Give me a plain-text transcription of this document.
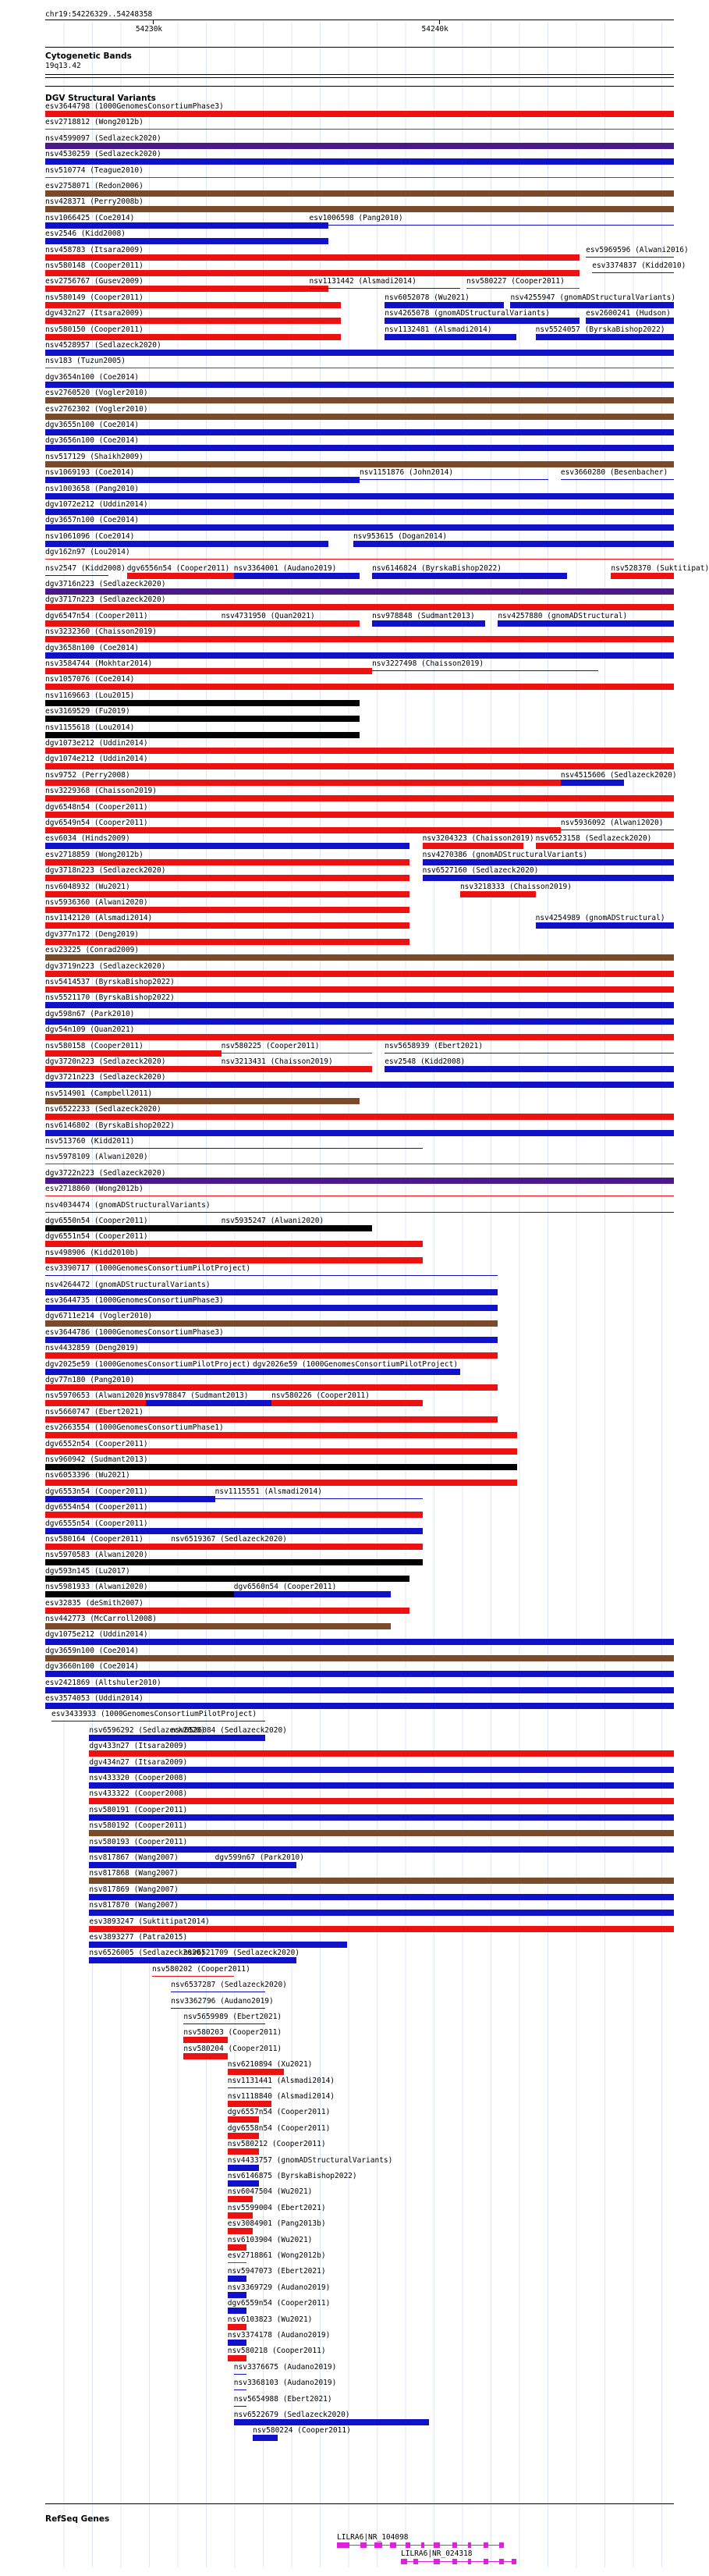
chr19:54226329..54248358
54230k	54240k
Cytogenetic Bands
19q13.42
DGV Structural Variants
esv3644798 (1000GenomesConsortiumPhase3)
esv2718812 (Wong2012b)
nsv4599097 (Sedlazeck2020)
nsv4530259 (Sedlazeck2020)
nsv510774 (Teague2010)
esv2758071 (Redon2006)
nsv428371 (Perry2008b)
nsv1066425 (Coe2014)	esv1006598 (Pang2010)
esv2546 (Kidd2008)
nsv458783 (Itsara2009)	esv5969596 (Alwani2016)
nsv580148 (Cooper2011)	esv3374837 (Kidd2010)
esv2756767 (Gusev2009)	nsv1131442 (Alsmadi2014)	nsv580227 (Cooper2011)
nsv580149 (Cooper2011)	nsv6052078 (Wu2021)	nsv4255947 (gnomADStructuralVariants)
dgv432n27 (Itsara2009)	nsv4265078 (gnomADStructuralVariants)	esv2600241 (Hudson)
nsv580150 (Cooper2011)	nsv1132481 (Alsmadi2014)	nsv5524057 (ByrskaBishop2022)
nsv4528957 (Sedlazeck2020)
nsv183 (Tuzun2005)
dgv3654n100 (Coe2014)
esv2760520 (Vogler2010)
esv2762302 (Vogler2010)
dgv3655n100 (Coe2014)
dgv3656n100 (Coe2014)
nsv517129 (Shaikh2009)
nsv1069193 (Coe2014)	nsv1151876 (John2014)	esv3660280 (Besenbacher)
nsv1003658 (Pang2010)
dgv1072e212 (Uddin2014)
dgv3657n100 (Coe2014)
nsv1061096 (Coe2014)	nsv953615 (Dogan2014)
dgv162n97 (Lou2014)
nsv2547 (Kidd2008) dgv6556n54 (Cooper2011) nsv3364001 (Audano2019)	nsv6146824 (ByrskaBishop2022)	nsv528370 (Suktitipat)
dgv3716n223 (Sedlazeck2020)
dgv3717n223 (Sedlazeck2020)
dgv6547n54 (Cooper2011)	nsv4731950 (Quan2021)	nsv978848 (Sudmant2013)	nsv4257880 (gnomADStructural)
nsv3232360 (Chaisson2019)
dgv3658n100 (Coe2014)
nsv3584744 (Mokhtar2014)	nsv3227498 (Chaisson2019)
nsv1057076 (Coe2014)
nsv1169663 (Lou2015)
esv3169529 (Fu2019)
nsv1155618 (Lou2014)
dgv1073e212 (Uddin2014)
dgv1074e212 (Uddin2014)
nsv9752 (Perry2008)	nsv4515606 (Sedlazeck2020)
nsv3229368 (Chaisson2019)
dgv6548n54 (Cooper2011)
dgv6549n54 (Cooper2011)	nsv5936092 (Alwani2020)
esv6034 (Hinds2009)	nsv3204323 (Chaisson2019) nsv6523158 (Sedlazeck2020)
esv2718859 (Wong2012b)	nsv4270386 (gnomADStructuralVariants)
dgv3718n223 (Sedlazeck2020)	nsv6527160 (Sedlazeck2020)
nsv6048932 (Wu2021)	nsv3218333 (Chaisson2019)
nsv5936360 (Alwani2020)
nsv1142120 (Alsmadi2014)	nsv4254989 (gnomADStructural)
dgv377n172 (Deng2019)
esv23225 (Conrad2009)
dgv3719n223 (Sedlazeck2020)
nsv5414537 (ByrskaBishop2022)
nsv5521170 (ByrskaBishop2022)
dgv598n67 (Park2010)
dgv54n109 (Quan2021)
nsv580158 (Cooper2011)	nsv580225 (Cooper2011)	nsv5658939 (Ebert2021)
dgv3720n223 (Sedlazeck2020)	nsv3213431 (Chaisson2019)	esv2548 (Kidd2008)
dgv3721n223 (Sedlazeck2020)
nsv514901 (Campbell2011)
nsv6522233 (Sedlazeck2020)
nsv6146802 (ByrskaBishop2022)
nsv513760 (Kidd2011)
nsv5978109 (Alwani2020)
dgv3722n223 (Sedlazeck2020)
esv2718860 (Wong2012b)
nsv4034474 (gnomADStructuralVariants)
dgv6550n54 (Cooper2011)	nsv5935247 (Alwani2020)
dgv6551n54 (Cooper2011)
nsv498906 (Kidd2010b)
esv3390717 (1000GenomesConsortiumPilotProject)
nsv4264472 (gnomADStructuralVariants)
esv3644735 (1000GenomesConsortiumPhase3)
dgv6711e214 (Vogler2010)
esv3644786 (1000GenomesConsortiumPhase3)
nsv4432859 (Deng2019)
dgv2025e59 (1000GenomesConsortiumPilotProject) dgv2026e59 (1000GenomesConsortiumPilotProject)
dgv77n180 (Pang2010)
nsv5970653 (Alwani2020)
nsv978847 (Sudmant2013)	nsv580226 (Cooper2011)
nsv5660747 (Ebert2021)
esv2663554 (1000GenomesConsortiumPhase1)
dgv6552n54 (Cooper2011)
nsv960942 (Sudmant2013)
nsv6053396 (Wu2021)
dgv6553n54 (Cooper2011)	nsv1115551 (Alsmadi2014)
dgv6554n54 (Cooper2011)
dgv6555n54 (Cooper2011)
nsv580164 (Cooper2011)	nsv6519367 (Sedlazeck2020)
nsv5970583 (Alwani2020)
dgv593n145 (Lu2017)
nsv5981933 (Alwani2020)	dgv6560n54 (Cooper2011)
esv32835 (deSmith2007)
nsv442773 (McCarroll2008)
dgv1075e212 (Uddin2014)
dgv3659n100 (Coe2014)
dgv3660n100 (Coe2014)
esv2421869 (Altshuler2010)
esv3574053 (Uddin2014)
esv3433933 (1000GenomesConsortiumPilotProject)
nsv6596292 (Sedlazeck2020)
nsv6526084 (Sedlazeck2020)
dgv433n27 (Itsara2009)
dgv434n27 (Itsara2009)
nsv433320 (Cooper2008)
nsv433322 (Cooper2008)
nsv580191 (Cooper2011)
nsv580192 (Cooper2011)
nsv580193 (Cooper2011)
nsv817867 (Wang2007)	dgv599n67 (Park2010)
nsv817868 (Wang2007)
nsv817869 (Wang2007)
nsv817870 (Wang2007)
esv3893247 (Suktitipat2014)
esv3893277 (Patra2015)
nsv6526005 (Sedlazeck2020)
nsv6521709 (Sedlazeck2020)
nsv580202 (Cooper2011)
nsv6537287 (Sedlazeck2020)
nsv3362796 (Audano2019)
nsv5659989 (Ebert2021)
nsv580203 (Cooper2011)
nsv580204 (Cooper2011)
nsv6210894 (Xu2021)
nsv1131441 (Alsmadi2014)
nsv1118840 (Alsmadi2014)
dgv6557n54 (Cooper2011)
dgv6558n54 (Cooper2011)
nsv580212 (Cooper2011)
nsv4433757 (gnomADStructuralVariants)
nsv6146875 (ByrskaBishop2022)
nsv6047504 (Wu2021)
nsv5599004 (Ebert2021)
esv3084901 (Pang2013b)
nsv6103904 (Wu2021)
esv2718861 (Wong2012b)
nsv5947073 (Ebert2021)
nsv3369729 (Audano2019)
dgv6559n54 (Cooper2011)
nsv6103823 (Wu2021)
nsv3374178 (Audano2019)
nsv580218 (Cooper2011)
nsv3376675 (Audano2019)
nsv3368103 (Audano2019)
nsv5654988 (Ebert2021)
nsv6522679 (Sedlazeck2020)
nsv580224 (Cooper2011)
RefSeq Genes
LILRA6|NR_104098
LILRA6|NR_024318
